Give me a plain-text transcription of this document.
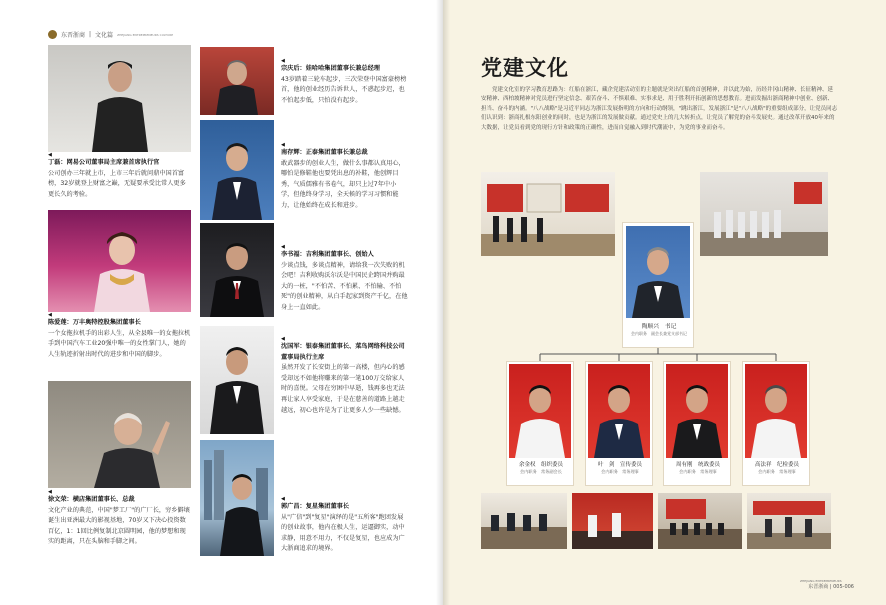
东晋浙商 | 文化篇 ZHEJIANG ENTREPRENEURS CULTURE
◀
丁磊：网易公司董事局主席兼首席执行官
公司创办三年就上市，上市三年后就问鼎中国首富榜，32岁就登上财富之巅，无疑要承受比常人更多更长久的考验。
◀
陈爱莲：万丰奥特控股集团董事长
一个女拖拉机手的出彩人生，从全县唯一的女拖拉机手到中国汽车工业20强中唯一的女性掌门人，她的人生轨迹折射出时代的进步和中国的脚步。
◀
徐文荣：横店集团董事长、总裁
文化产业的典范，中国"梦工厂"的广厂长，穷乡僻壤诞生出亚洲最大的影视基地，70岁又下决心投资数百亿，1：1回比例复制北京圆明园，他的梦想和现实的距离，只在头脑和手脚之间。
◀
宗庆后：娃哈哈集团董事长兼总经理
43岁踏着三轮车起步，三次荣登中国富豪榜榜首，他的创业经历告诉世人，不惑起步迟，也不怕起步低，只怕没有起步。
◀
南存辉：正泰集团董事长兼总裁
敢武器步的创业人生，做什么事都认真用心，哪怕是修鞋他也要凭出息的补鞋，他创辉目秀，气质儒雅有书卷气，却只上过7年中小学，但他终身学习，全天候的学习习惯和能力，让他始终在成长和进步。
◀
李书福：吉利集团董事长、创始人
少谈点钱，多谈点精神，请给我一次失败的机会吧！吉利收购沃尔沃是中国民企跨国并购最大的一桩，"不怕苦、不怕累、不怕输、不怕死"的创业精神，从白手起家到资产千亿，在他身上一直如此。
◀
沈国军：银泰集团董事长、菜鸟网络科技公司董事局执行主席
虽然开发了长安街上的第一高楼，但内心的感受却远不如他将赚来的第一笔100万交给家人时的喜悦。父母在穷困中早逝，钱再多也无法再让家人享受家庭，于是在慈善的道路上越走越远，初心也许是为了让更多人少一些缺憾。
◀
郭广昌：复星集团董事长
从"广信"到"复星"演绎的是"五所客"跑团发展的创业故事，他内在极人生，运逼御实，动中求静，用意不用力，不仅是复星，也应成为广大浙商追求的境界。
党建文化
党建文化室的学习教育思路为：红船在浙江，藏企党建活动室的主题就是突出红船的首创精神，并以此为始，历经井冈山精神、长征精神、延安精神、西柏坡精神对党员进行坚定信念、艰苦奋斗、不惧艰难、实事求是、用于胜利开拓创新的思想教育。进而发掘出浙商精神中创业、创新、担当、奋斗的内涵。"八八战略"是习近平同志为浙江发展指明的方向和行动纲领，"跳出浙江，发展浙江"是"八八战略"的重要组成部分，让党员同志们认识到：浙商扎根东阳创业的同时，也是为浙江的发展做贡献。通过党史上的几大转折点，让党员了解党的奋斗发展史。通过改革开放40年来的大数据，让党员看到党的现行方针和政策的正确性，进而自觉融入到时代潮流中，为党的事业而奋斗。
陶顺兴　书记
会内职务　副会长兼党支部书记
余金权　组织委员
会内职务　常务副会长
叶　剑　宣传委员
会内职务　常务理事
周有刚　统战委员
会内职务　常务理事
高法祥　纪检委员
会内职务　常务理事
ZHEJIANG ENTREPRENEURS
东晋浙商 | 005-006
